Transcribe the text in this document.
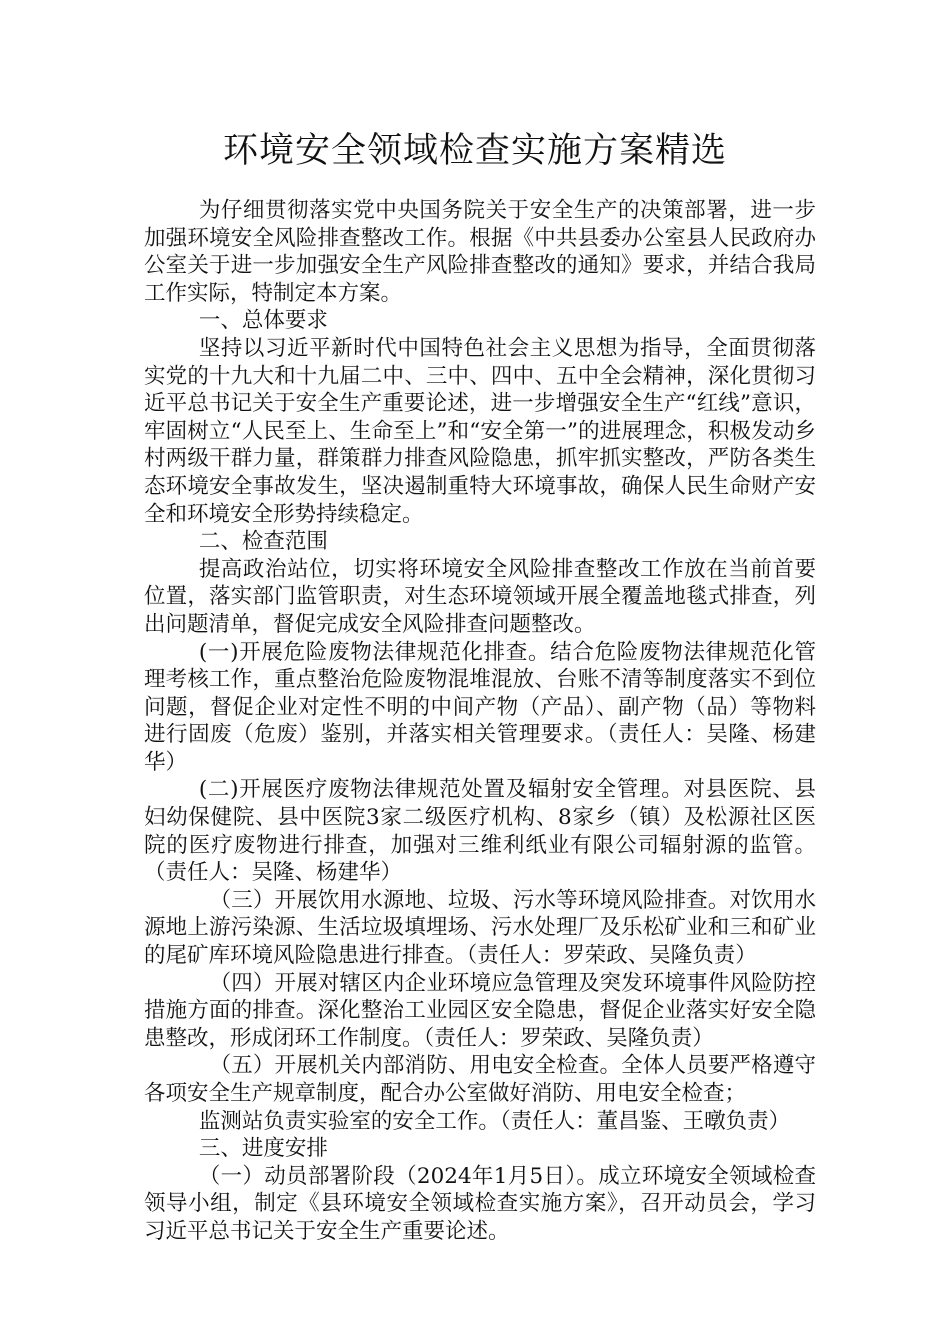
环境安全领域检查实施方案精选

为仔细贯彻落实党中央国务院关于安全生产的决策部署，进一步加强环境安全风险排查整改工作。根据《中共县委办公室县人民政府办公室关于进一步加强安全生产风险排查整改的通知》要求，并结合我局工作实际，特制定本方案。

一、总体要求

坚持以习近平新时代中国特色社会主义思想为指导，全面贯彻落实党的十九大和十九届二中、三中、四中、五中全会精神，深化贯彻习近平总书记关于安全生产重要论述，进一步增强安全生产“红线”意识，牢固树立“人民至上、生命至上”和“安全第一”的进展理念，积极发动乡村两级干群力量，群策群力排查风险隐患，抓牢抓实整改，严防各类生态环境安全事故发生，坚决遏制重特大环境事故，确保人民生命财产安全和环境安全形势持续稳定。

二、检查范围

提高政治站位，切实将环境安全风险排查整改工作放在当前首要位置，落实部门监管职责，对生态环境领域开展全覆盖地毯式排查，列出问题清单，督促完成安全风险排查问题整改。

(一)开展危险废物法律规范化排查。结合危险废物法律规范化管理考核工作，重点整治危险废物混堆混放、台账不清等制度落实不到位问题，督促企业对定性不明的中间产物（产品）、副产物（品）等物料进行固废（危废）鉴别，并落实相关管理要求。（责任人：吴隆、杨建华）

(二)开展医疗废物法律规范处置及辐射安全管理。对县医院、县妇幼保健院、县中医院3家二级医疗机构、8家乡（镇）及松源社区医院的医疗废物进行排查，加强对三维利纸业有限公司辐射源的监管。（责任人：吴隆、杨建华）

（三）开展饮用水源地、垃圾、污水等环境风险排查。对饮用水源地上游污染源、生活垃圾填埋场、污水处理厂及乐松矿业和三和矿业的尾矿库环境风险隐患进行排查。（责任人：罗荣政、吴隆负责）

（四）开展对辖区内企业环境应急管理及突发环境事件风险防控措施方面的排查。深化整治工业园区安全隐患，督促企业落实好安全隐患整改，形成闭环工作制度。（责任人：罗荣政、吴隆负责）

（五）开展机关内部消防、用电安全检查。全体人员要严格遵守各项安全生产规章制度，配合办公室做好消防、用电安全检查；

监测站负责实验室的安全工作。（责任人：董昌鉴、王暾负责）

三、进度安排

（一）动员部署阶段（2024年1月5日）。成立环境安全领域检查领导小组，制定《县环境安全领域检查实施方案》，召开动员会，学习习近平总书记关于安全生产重要论述。
